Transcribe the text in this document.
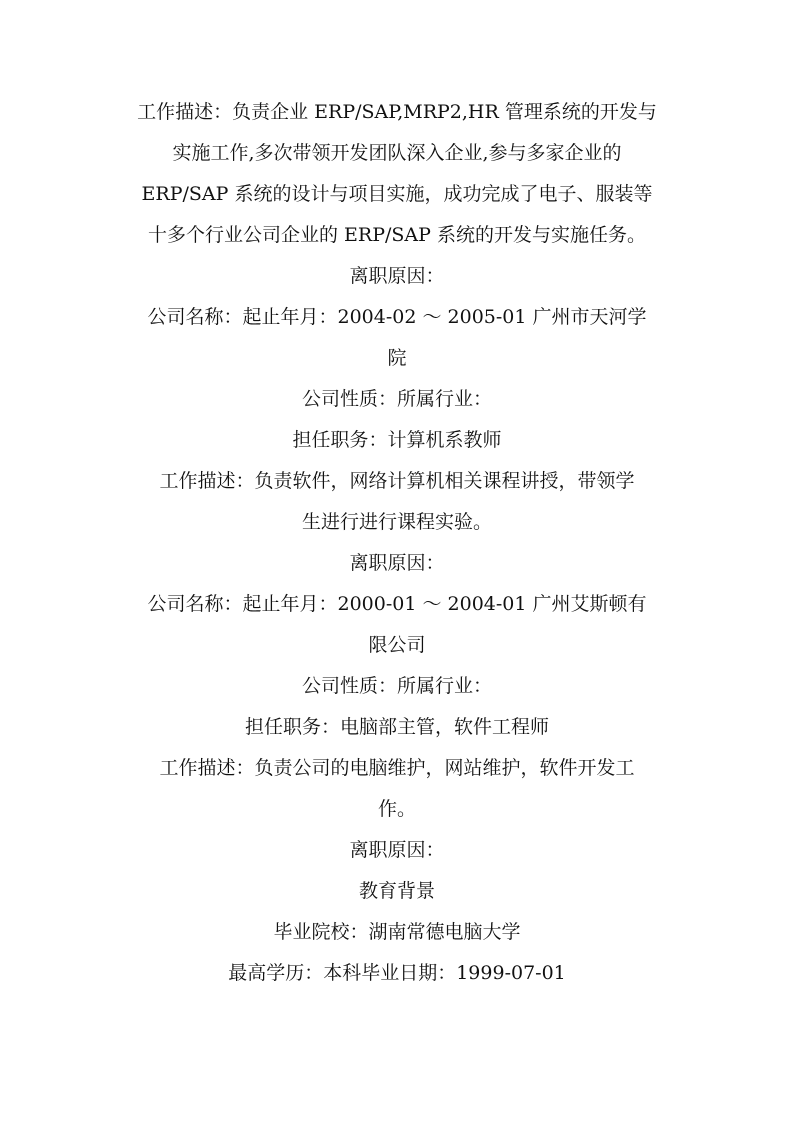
工作描述：负责企业 ERP/SAP,MRP2,HR 管理系统的开发与

实施工作,多次带领开发团队深入企业,参与多家企业的

ERP/SAP 系统的设计与项目实施，成功完成了电子、服装等

十多个行业公司企业的 ERP/SAP 系统的开发与实施任务。

离职原因：

公司名称：起止年月：2004-02 ～ 2005-01 广州市天河学

院

公司性质：所属行业：

担任职务：计算机系教师

工作描述：负责软件，网络计算机相关课程讲授，带领学

生进行进行课程实验。

离职原因：

公司名称：起止年月：2000-01 ～ 2004-01 广州艾斯顿有

限公司

公司性质：所属行业：

担任职务：电脑部主管，软件工程师

工作描述：负责公司的电脑维护，网站维护，软件开发工

作。

离职原因：

教育背景

毕业院校：湖南常德电脑大学

最高学历：本科毕业日期：1999-07-01
